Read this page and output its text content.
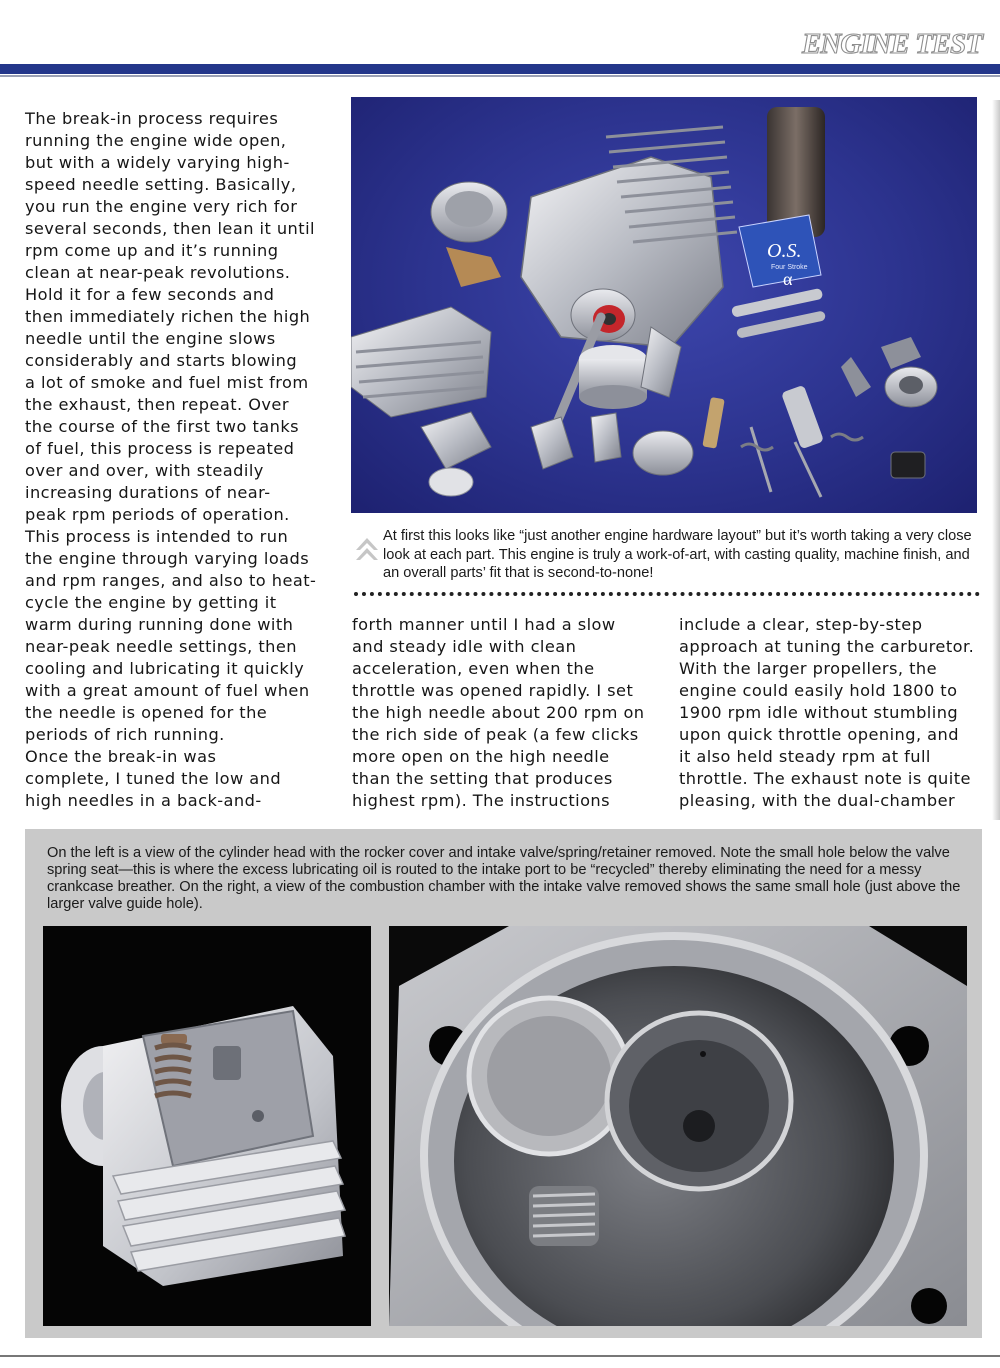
ENGINE TEST
The break-in process requires
running the engine wide open,
but with a widely varying high-
speed needle setting. Basically,
you run the engine very rich for
several seconds, then lean it until
rpm come up and it’s running
clean at near-peak revolutions.
Hold it for a few seconds and
then immediately richen the high
needle until the engine slows
considerably and starts blowing
a lot of smoke and fuel mist from
the exhaust, then repeat. Over
the course of the first two tanks
of fuel, this process is repeated
over and over, with steadily
increasing durations of near-
peak rpm periods of operation.
This process is intended to run
the engine through varying loads
and rpm ranges, and also to heat-
cycle the engine by getting it
warm during running done with
near-peak needle settings, then
cooling and lubricating it quickly
with a great amount of fuel when
the needle is opened for the
periods of rich running.
Once the break-in was
complete, I tuned the low and
high needles in a back-and-
O.S.
Four Stroke
α
At first this looks like “just another engine hardware layout” but it’s worth taking a very close look at each part. This engine is truly a work-of-art, with casting quality, machine finish, and an overall parts’ fit that is second-to-none!
forth manner until I had a slow
and steady idle with clean
acceleration, even when the
throttle was opened rapidly. I set
the high needle about 200 rpm on
the rich side of peak (a few clicks
more open on the high needle
than the setting that produces
highest rpm). The instructions
include a clear, step-by-step
approach at tuning the carburetor.
With the larger propellers, the
engine could easily hold 1800 to
1900 rpm idle without stumbling
upon quick throttle opening, and
it also held steady rpm at full
throttle. The exhaust note is quite
pleasing, with the dual-chamber
On the left is a view of the cylinder head with the rocker cover and intake valve/spring/retainer removed. Note the small hole below the valve spring seat—this is where the excess lubricating oil is routed to the intake port to be “recycled” thereby eliminating the need for a messy crankcase breather. On the right, a view of the combustion chamber with the intake valve removed shows the same small hole (just above the larger valve guide hole).
